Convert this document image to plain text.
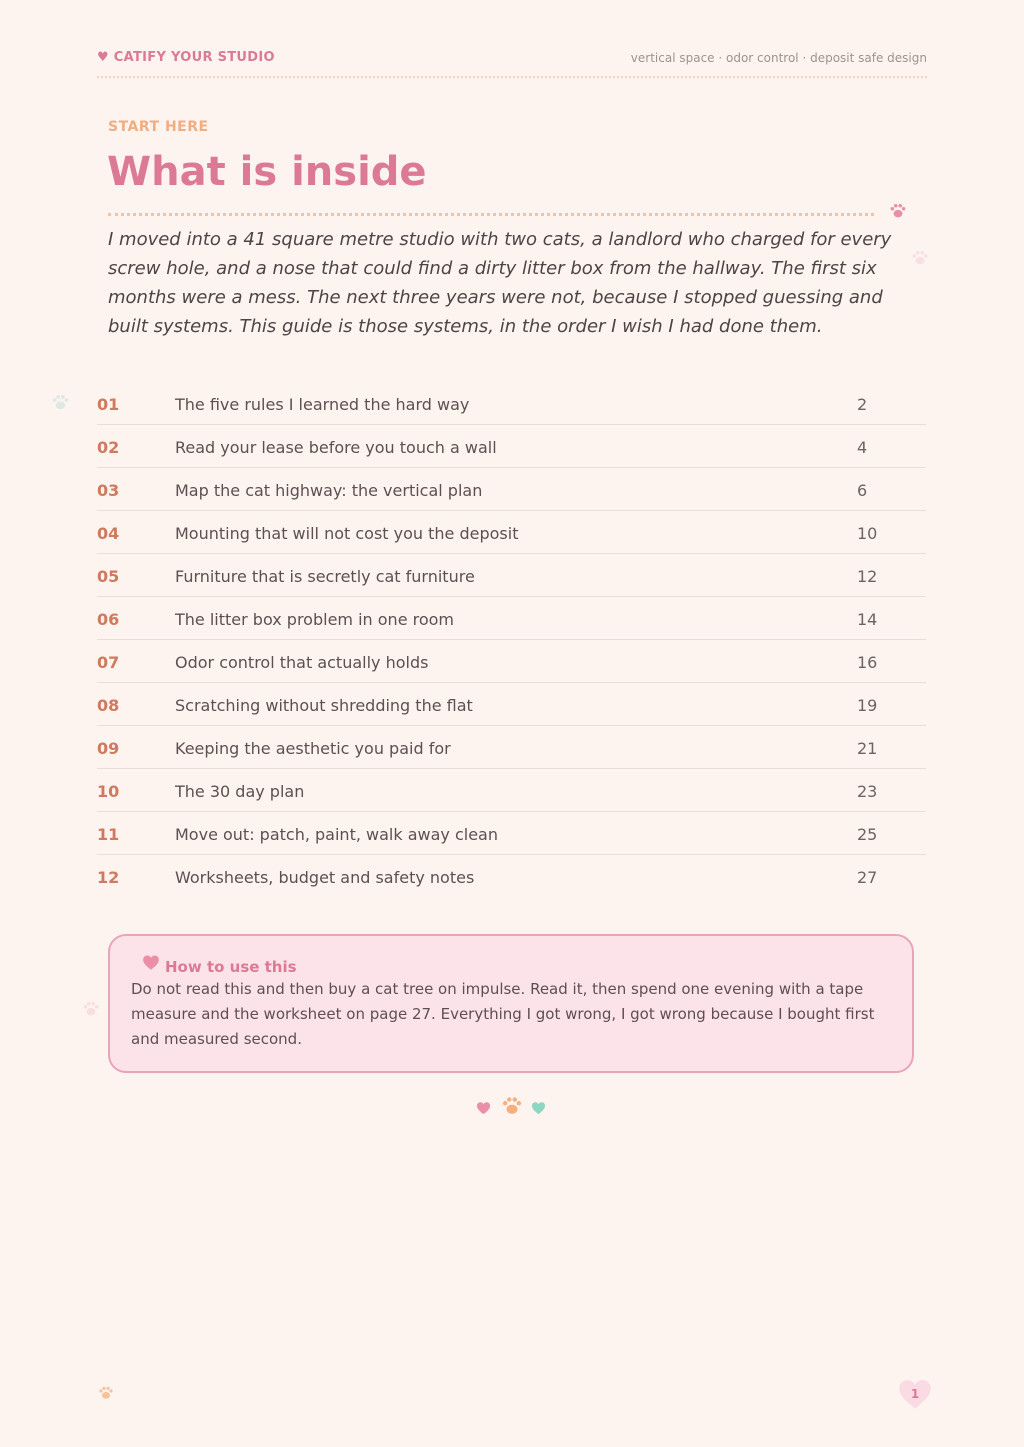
♥ CATIFY YOUR STUDIO	vertical space · odor control · deposit safe design
START HERE
What is inside

I moved into a 41 square metre studio with two cats, a landlord who charged for every screw hole, and a nose that could find a dirty litter box from the hallway. The first six months were a mess. The next three years were not, because I stopped guessing and built systems. This guide is those systems, in the order I wish I had done them.

01	The five rules I learned the hard way	2
02	Read your lease before you touch a wall	4
03	Map the cat highway: the vertical plan	6
04	Mounting that will not cost you the deposit	10
05	Furniture that is secretly cat furniture	12
06	The litter box problem in one room	14
07	Odor control that actually holds	16
08	Scratching without shredding the flat	19
09	Keeping the aesthetic you paid for	21
10	The 30 day plan	23
11	Move out: patch, paint, walk away clean	25
12	Worksheets, budget and safety notes	27
How to use this

Do not read this and then buy a cat tree on impulse. Read it, then spend one evening with a tape measure and the worksheet on page 27. Everything I got wrong, I got wrong because I bought first and measured second.

1
